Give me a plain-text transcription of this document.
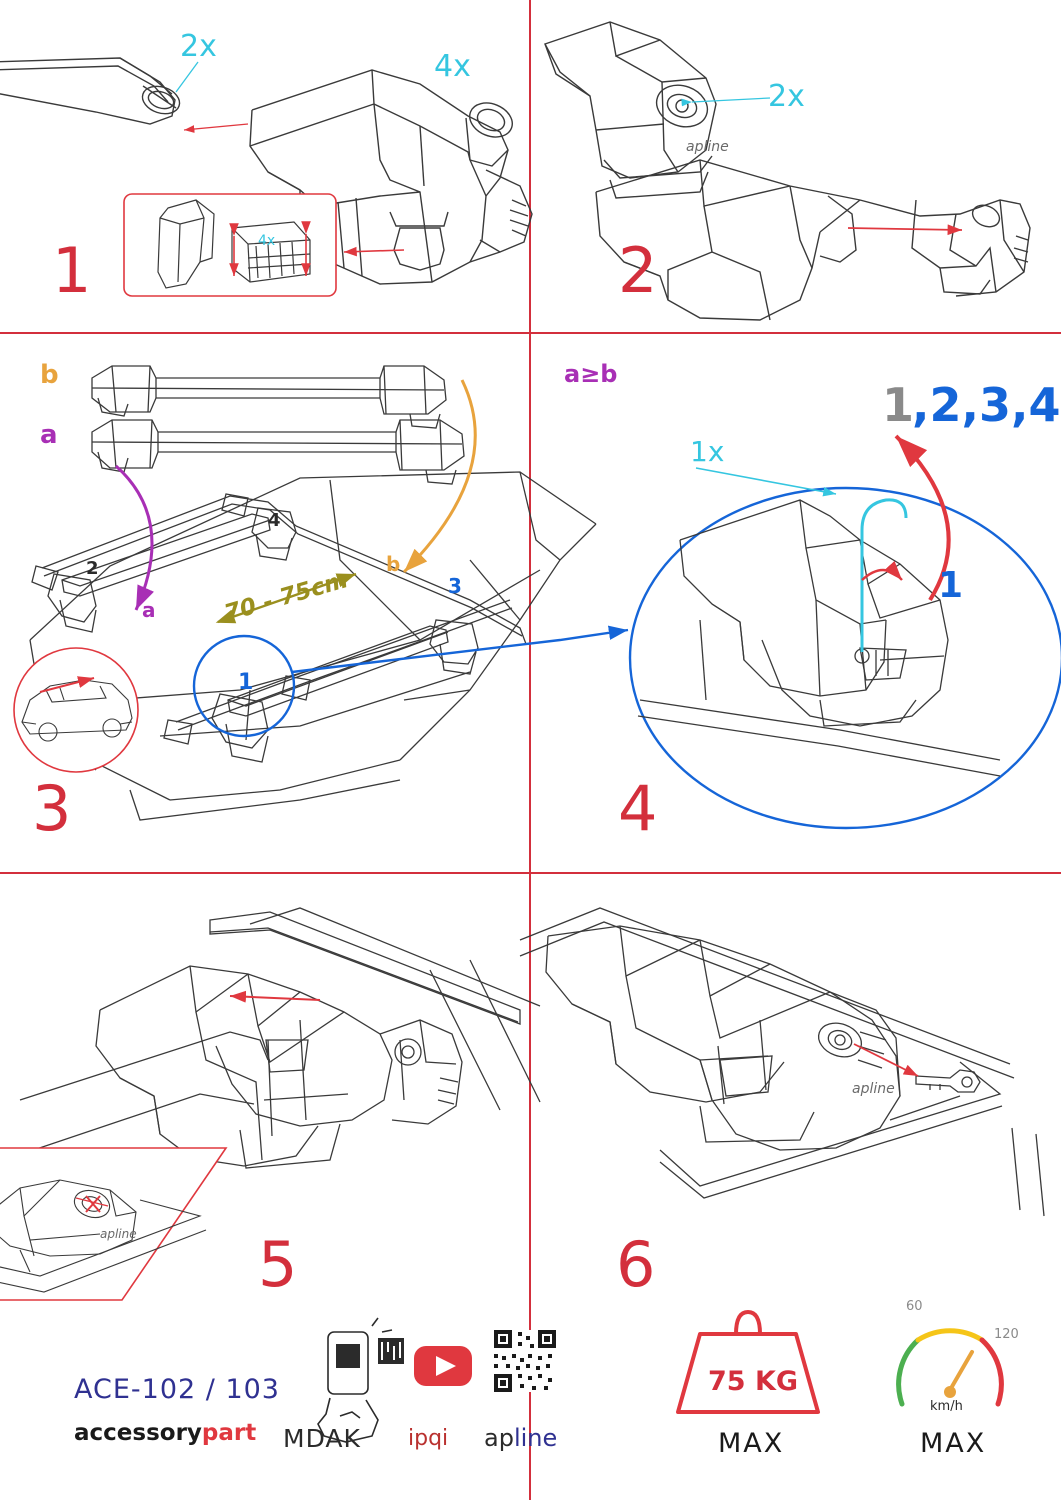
1	2
3	4
5	6
2x
4x
4x
2x
b
a
a
b
70 - 75cm
2
4
3
1
a≥b
1x
1
1
,2,3,4
ACE-102 / 103
accessorypart MDAK ipqi apline
75 KG
MAX	MAX
km/h
60
120
apline
apline
apline
